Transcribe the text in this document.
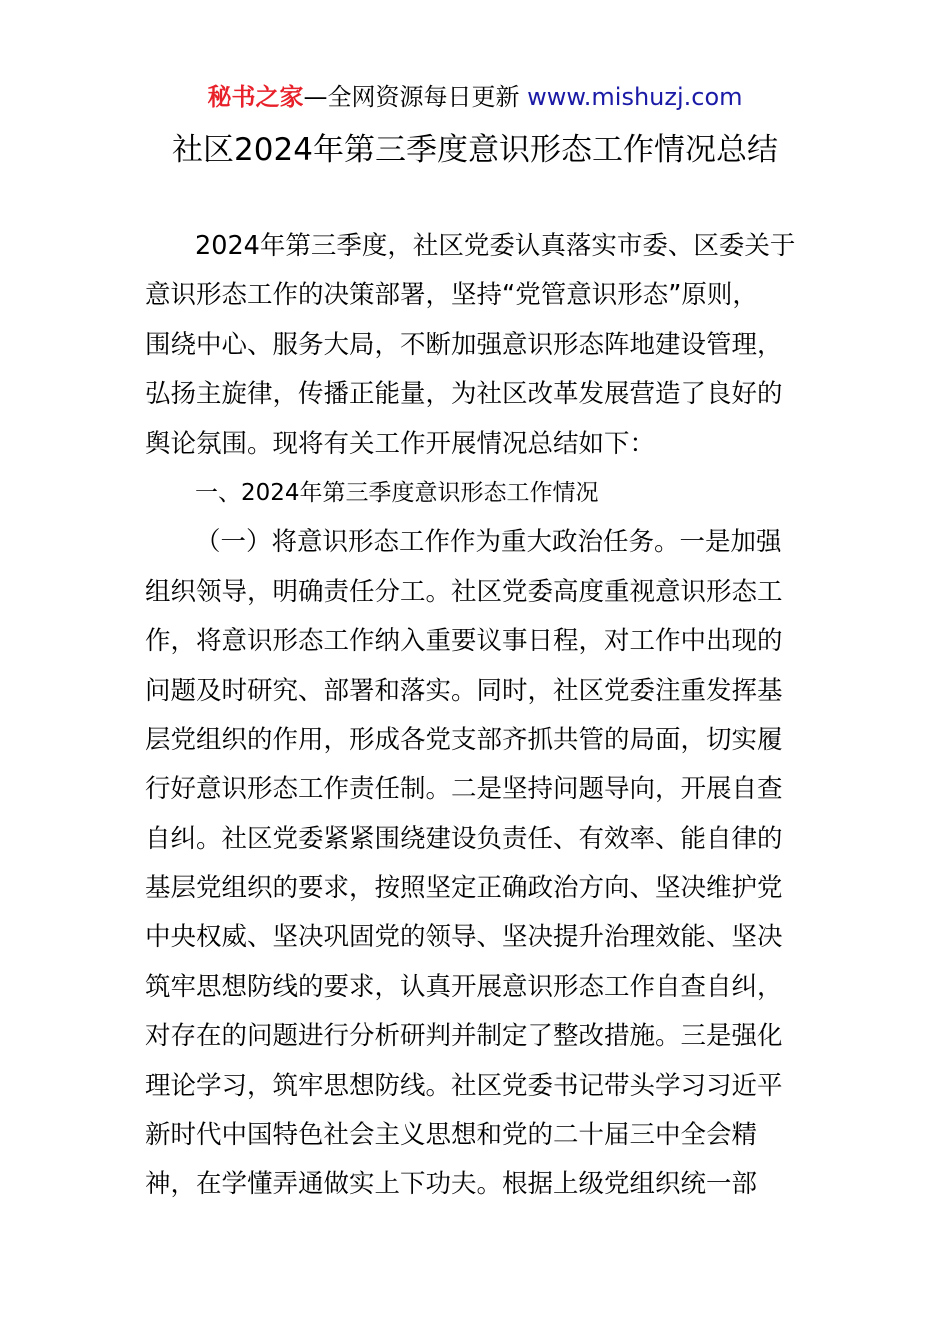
秘书之家—全网资源每日更新 www.mishuzj.com
社区2024年第三季度意识形态工作情况总结
2024年第三季度，社区党委认真落实市委、区委关于
意识形态工作的决策部署，坚持“党管意识形态”原则，
围绕中心、服务大局，不断加强意识形态阵地建设管理，
弘扬主旋律，传播正能量，为社区改革发展营造了良好的
舆论氛围。现将有关工作开展情况总结如下：
一、2024年第三季度意识形态工作情况
（一）将意识形态工作作为重大政治任务。一是加强
组织领导，明确责任分工。社区党委高度重视意识形态工
作，将意识形态工作纳入重要议事日程，对工作中出现的
问题及时研究、部署和落实。同时，社区党委注重发挥基
层党组织的作用，形成各党支部齐抓共管的局面，切实履
行好意识形态工作责任制。二是坚持问题导向，开展自查
自纠。社区党委紧紧围绕建设负责任、有效率、能自律的
基层党组织的要求，按照坚定正确政治方向、坚决维护党
中央权威、坚决巩固党的领导、坚决提升治理效能、坚决
筑牢思想防线的要求，认真开展意识形态工作自查自纠，
对存在的问题进行分析研判并制定了整改措施。三是强化
理论学习，筑牢思想防线。社区党委书记带头学习习近平
新时代中国特色社会主义思想和党的二十届三中全会精
神，在学懂弄通做实上下功夫。根据上级党组织统一部
